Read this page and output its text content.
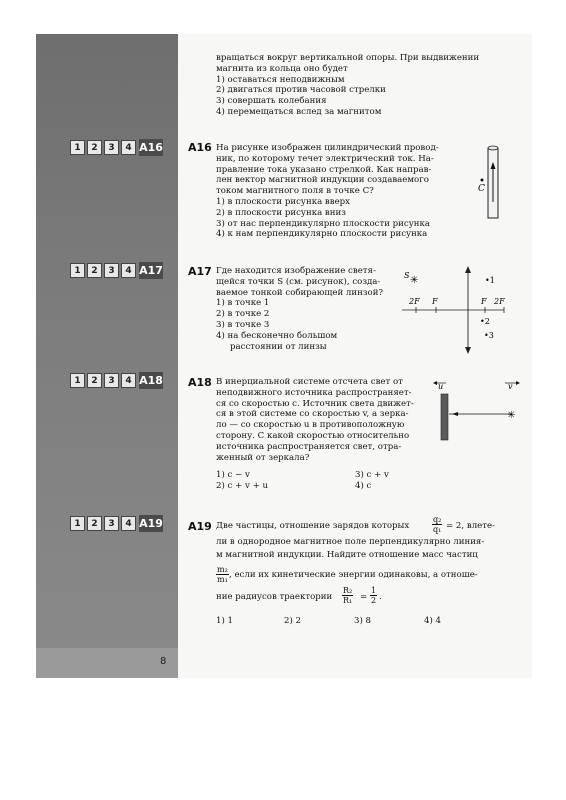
8
вращаться вокруг вертикальной опоры. При выдвижении
магнита из кольца оно будет
1) оставаться неподвижным
2) двигаться против часовой стрелки
3) совершать колебания
4) перемещаться вслед за магнитом
1	2	3	4 A16 A16 На рисунке изображен цилиндрический провод-
ник, по которому течет электрический ток. На-
правление тока указано стрелкой. Как направ-
лен вектор магнитной индукции создаваемого
током магнитного поля в точке C?
1) в плоскости рисунка вверх
2) в плоскости рисунка вниз
3) от нас перпендикулярно плоскости рисунка
4) к нам перпендикулярно плоскости рисунка
C
1	2	3	4 A17 A17 Где находится изображение светя-
щейся точки S (см. рисунок), созда-
ваемое тонкой собирающей линзой?
1) в точке 1
2) в точке 2
3) в точке 3
4) на бесконечно большом
расстоянии от линзы
2F F	F 2F
S ✳	•1
•2
•3
1	2	3	4 A18 A18 В инерциальной системе отсчета свет от
неподвижного источника распространяет-
ся со скоростью c. Источник света движет-
ся в этой системе со скоростью v, а зерка-
ло — со скоростью u в противоположную
сторону. С какой скоростью относительно
источника распространяется свет, отра-
женный от зеркала?
1) c − v
2) c + v + u
3) c + v
4) c
u
✳
v
1	2	3	4 A19 A19 Две частицы, отношение зарядов которых	$\frac{\text{q₂}}{\text{q₁}} = 2$, влете-
ли в однородное магнитное поле перпендикулярно линия-
м магнитной индукции. Найдите отношение масс частиц
$\frac{\text{m₂}}{\text{m₁}}$ , если их кинетические энергии одинаковы, а отноше-
ние радиусов траектории $\frac{\text{R₂}}{\text{R₁}} = \frac{1}{2}$ .
1) 1	2) 2	3) 8	4) 4
